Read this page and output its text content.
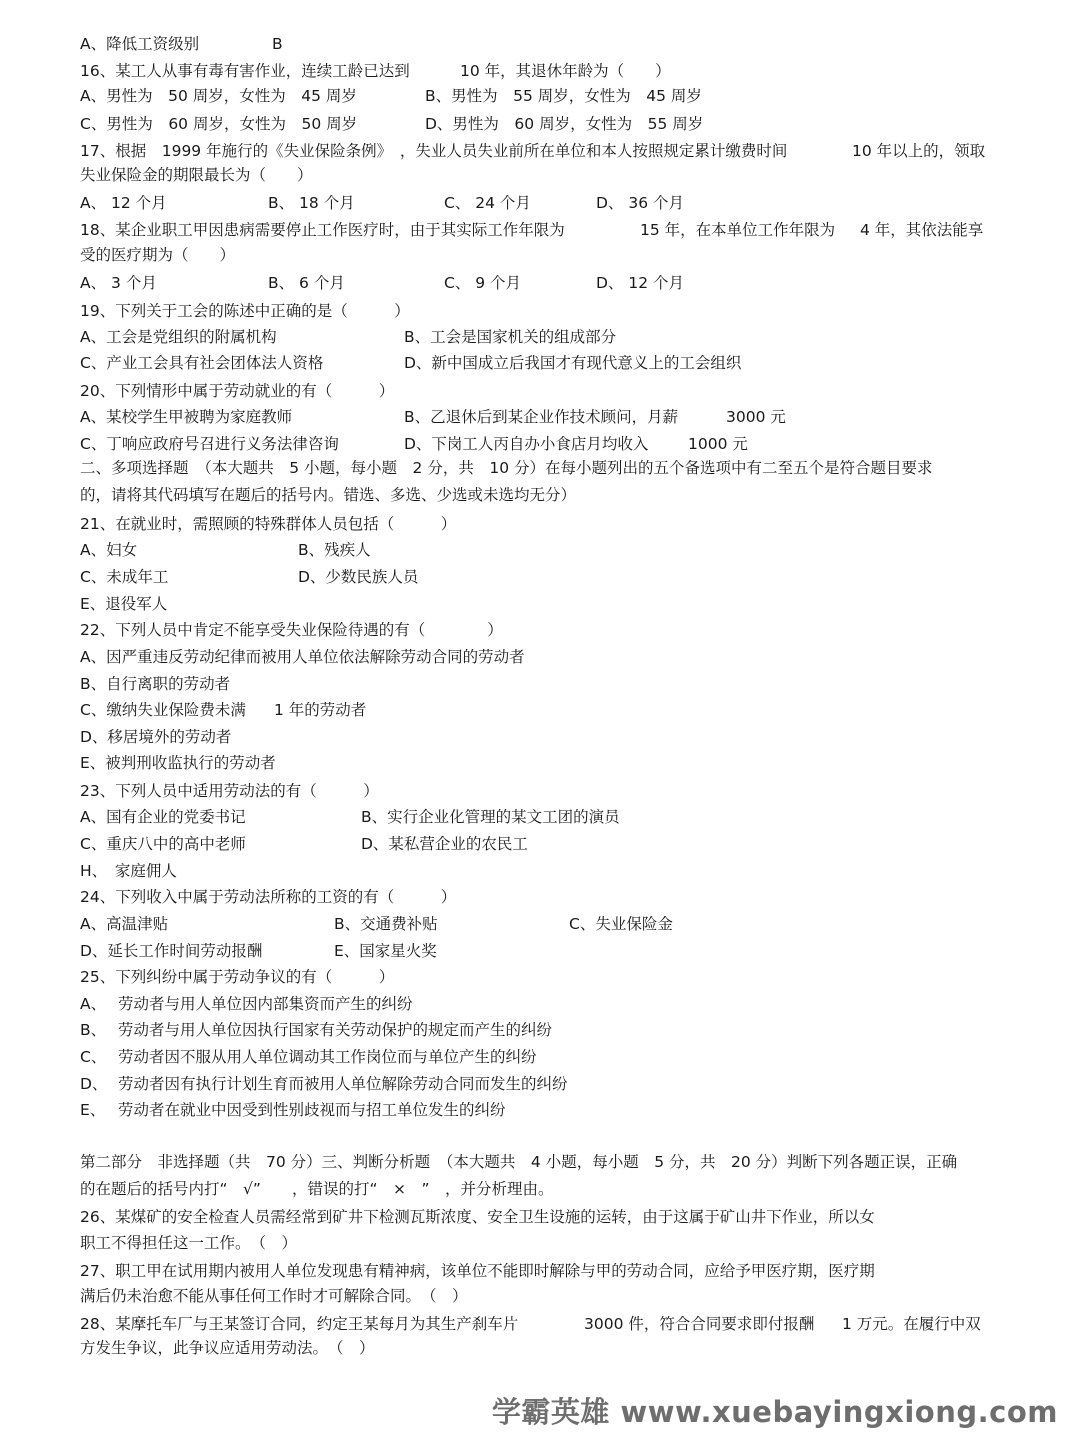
A、降低工资级别

	B

16、某工人从事有毒有害作业，连续工龄已达到

	10 年，其退休年龄为（　　）

A、男性为　50 周岁，女性为　45 周岁

	B、男性为　55 周岁，女性为　45 周岁

C、男性为　60 周岁，女性为　50 周岁

	D、男性为　60 周岁，女性为　55 周岁

17、根据　1999 年施行的《失业保险条例》　，失业人员失业前所在单位和本人按照规定累计缴费时间

	10 年以上的，领取

失业保险金的期限最长为（　　）

A、 12 个月

	B、 18 个月

	C、 24 个月

	D、 36 个月

18、某企业职工甲因患病需要停止工作医疗时，由于其实际工作年限为

	15 年，在本单位工作年限为

4 年，其依法能享

受的医疗期为（　　）

A、 3 个月

	B、 6 个月

	C、 9 个月

	D、 12 个月

19、下列关于工会的陈述中正确的是（　　　）

A、工会是党组织的附属机构

	B、工会是国家机关的组成部分

C、产业工会具有社会团体法人资格

	D、新中国成立后我国才有现代意义上的工会组织

20、下列情形中属于劳动就业的有（　　　）

A、某校学生甲被聘为家庭教师

	B、乙退休后到某企业作技术顾问，月薪

	3000 元

C、丁响应政府号召进行义务法律咨询

	D、下岗工人丙自办小食店月均收入

	1000 元

二、多项选择题　（本大题共　5 小题，每小题　2 分，共　10 分）在每小题列出的五个备选项中有二至五个是符合题目要求

的，请将其代码填写在题后的括号内。错选、多选、少选或未选均无分）

21、在就业时，需照顾的特殊群体人员包括（　　　）

A、妇女

	B、残疾人

C、未成年工

	D、少数民族人员

E、退役军人

22、下列人员中肯定不能享受失业保险待遇的有（　　　　）

A、因严重违反劳动纪律而被用人单位依法解除劳动合同的劳动者

B、自行离职的劳动者

C、缴纳失业保险费未满

1 年的劳动者

D、移居境外的劳动者

E、被判刑收监执行的劳动者

23、下列人员中适用劳动法的有（　　　）

A、国有企业的党委书记

	B、实行企业化管理的某文工团的演员

C、重庆八中的高中老师

	D、某私营企业的农民工

H、　家庭佣人

24、下列收入中属于劳动法所称的工资的有（　　　）

A、高温津贴

	B、交通费补贴

	C、失业保险金

D、延长工作时间劳动报酬

	E、国家星火奖

25、下列纠纷中属于劳动争议的有（　　　）

A、

劳动者与用人单位因内部集资而产生的纠纷

B、

劳动者与用人单位因执行国家有关劳动保护的规定而产生的纠纷

C、

劳动者因不服从用人单位调动其工作岗位而与单位产生的纠纷

D、

劳动者因有执行计划生育而被用人单位解除劳动合同而发生的纠纷

E、

劳动者在就业中因受到性别歧视而与招工单位发生的纠纷

第二部分　非选择题（共　70 分）三、判断分析题　（本大题共　4 小题，每小题　5 分，共　20 分）判断下列各题正误，正确

的在题后的括号内打“　√”　　，错误的打“　×　”　，并分析理由。

26、某煤矿的安全检查人员需经常到矿井下检测瓦斯浓度、安全卫生设施的运转，由于这属于矿山井下作业，所以女

职工不得担任这一工作。　（　）

27、职工甲在试用期内被用人单位发现患有精神病，该单位不能即时解除与甲的劳动合同，应给予甲医疗期，医疗期

满后仍未治愈不能从事任何工作时才可解除合同。　（　）

28、某摩托车厂与王某签订合同，约定王某每月为其生产刹车片

	3000 件，符合合同要求即付报酬

1 万元。在履行中双

方发生争议，此争议应适用劳动法。　（　）

学霸英雄 www.xuebayingxiong.com
